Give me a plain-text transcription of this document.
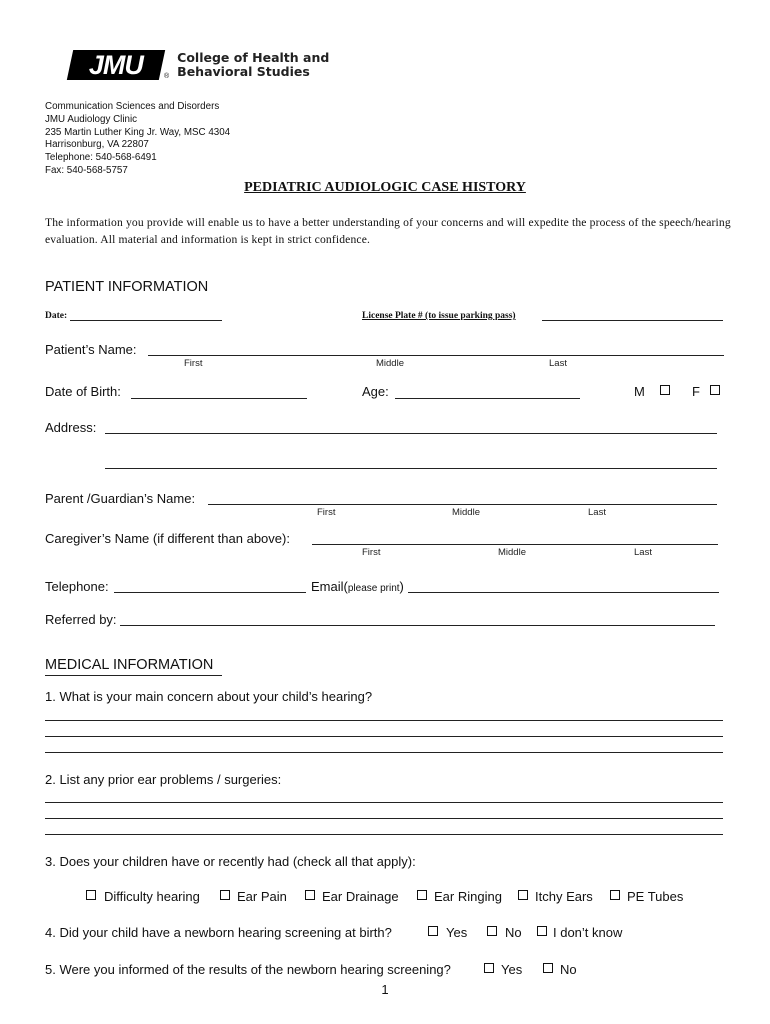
JMU	®
College of Health and
Behavioral Studies
Communication Sciences and Disorders
JMU Audiology Clinic
235 Martin Luther King Jr. Way, MSC 4304
Harrisonburg, VA 22807
Telephone: 540-568-6491
Fax: 540-568-5757
PEDIATRIC AUDIOLOGIC CASE HISTORY
The information you provide will enable us to have a better understanding of your concerns and will expedite the process of the speech/hearing evaluation. All material and information is kept in strict confidence.
PATIENT INFORMATION
Date:	License Plate # (to issue parking pass)
Patient’s Name:
First	Middle	Last
Date of Birth:	Age:	M	F
Address:
Parent /Guardian’s Name:
First	Middle	Last
Caregiver’s Name (if different than above):
First	Middle	Last
Telephone:	Email(please print)
Referred by:
MEDICAL INFORMATION
1. What is your main concern about your child’s hearing?
2. List any prior ear problems / surgeries:
3. Does your children have or recently had (check all that apply):
Difficulty hearing	Ear Pain	Ear Drainage	Ear Ringing	Itchy Ears	PE Tubes
4. Did your child have a newborn hearing screening at birth?	Yes	No I don’t know
5. Were you informed of the results of the newborn hearing screening?	Yes	No
1
